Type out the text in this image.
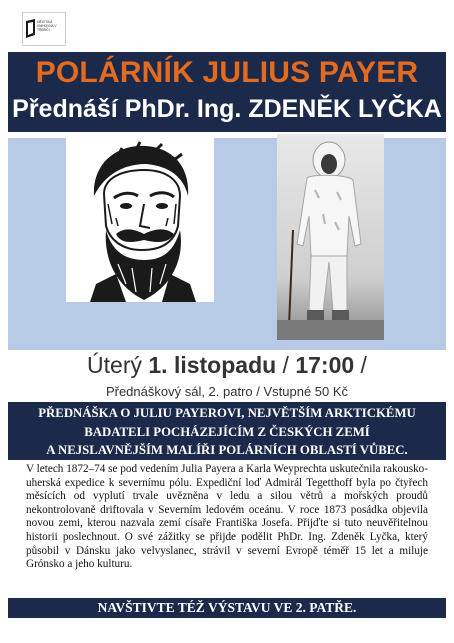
MĚSTSKÁ KNIHOVNA V TŘEBÍČI
POLÁRNÍK JULIUS PAYER
Přednáší PhDr. Ing. ZDENĚK LYČKA
Úterý 1. listopadu / 17:00 /
Přednáškový sál, 2. patro / Vstupné 50 Kč
PŘEDNÁŠKA O JULIU PAYEROVI, NEJVĚTŠÍM ARKTICKÉMU
BADATELI POCHÁZEJÍCÍM Z ČESKÝCH ZEMÍ
A NEJSLAVNĚJŠÍM MALÍŘI POLÁRNÍCH OBLASTÍ VŮBEC.
V letech 1872–74 se pod vedením Julia Payera a Karla Weyprechta uskutečnila rakousko-uherská expedice k severnímu pólu. Expediční loď Admirál Tegetthoff byla po čtyřech měsících od vyplutí trvale uvězněna v ledu a silou větrů a mořských proudů nekontrolovaně driftovala v Severním ledovém oceánu. V roce 1873 posádka objevila novou zemi, kterou nazvala zemí císaře Františka Josefa. Přijďte si tuto neuvěřitelnou historii poslechnout. O své zážitky se přijde podělit PhDr. Ing. Zdeněk Lyčka, který působil v Dánsku jako velvyslanec, strávil v severní Evropě téměř 15 let a miluje Grónsko a jeho kulturu.
NAVŠTIVTE TÉŽ VÝSTAVU VE 2. PATŘE.
